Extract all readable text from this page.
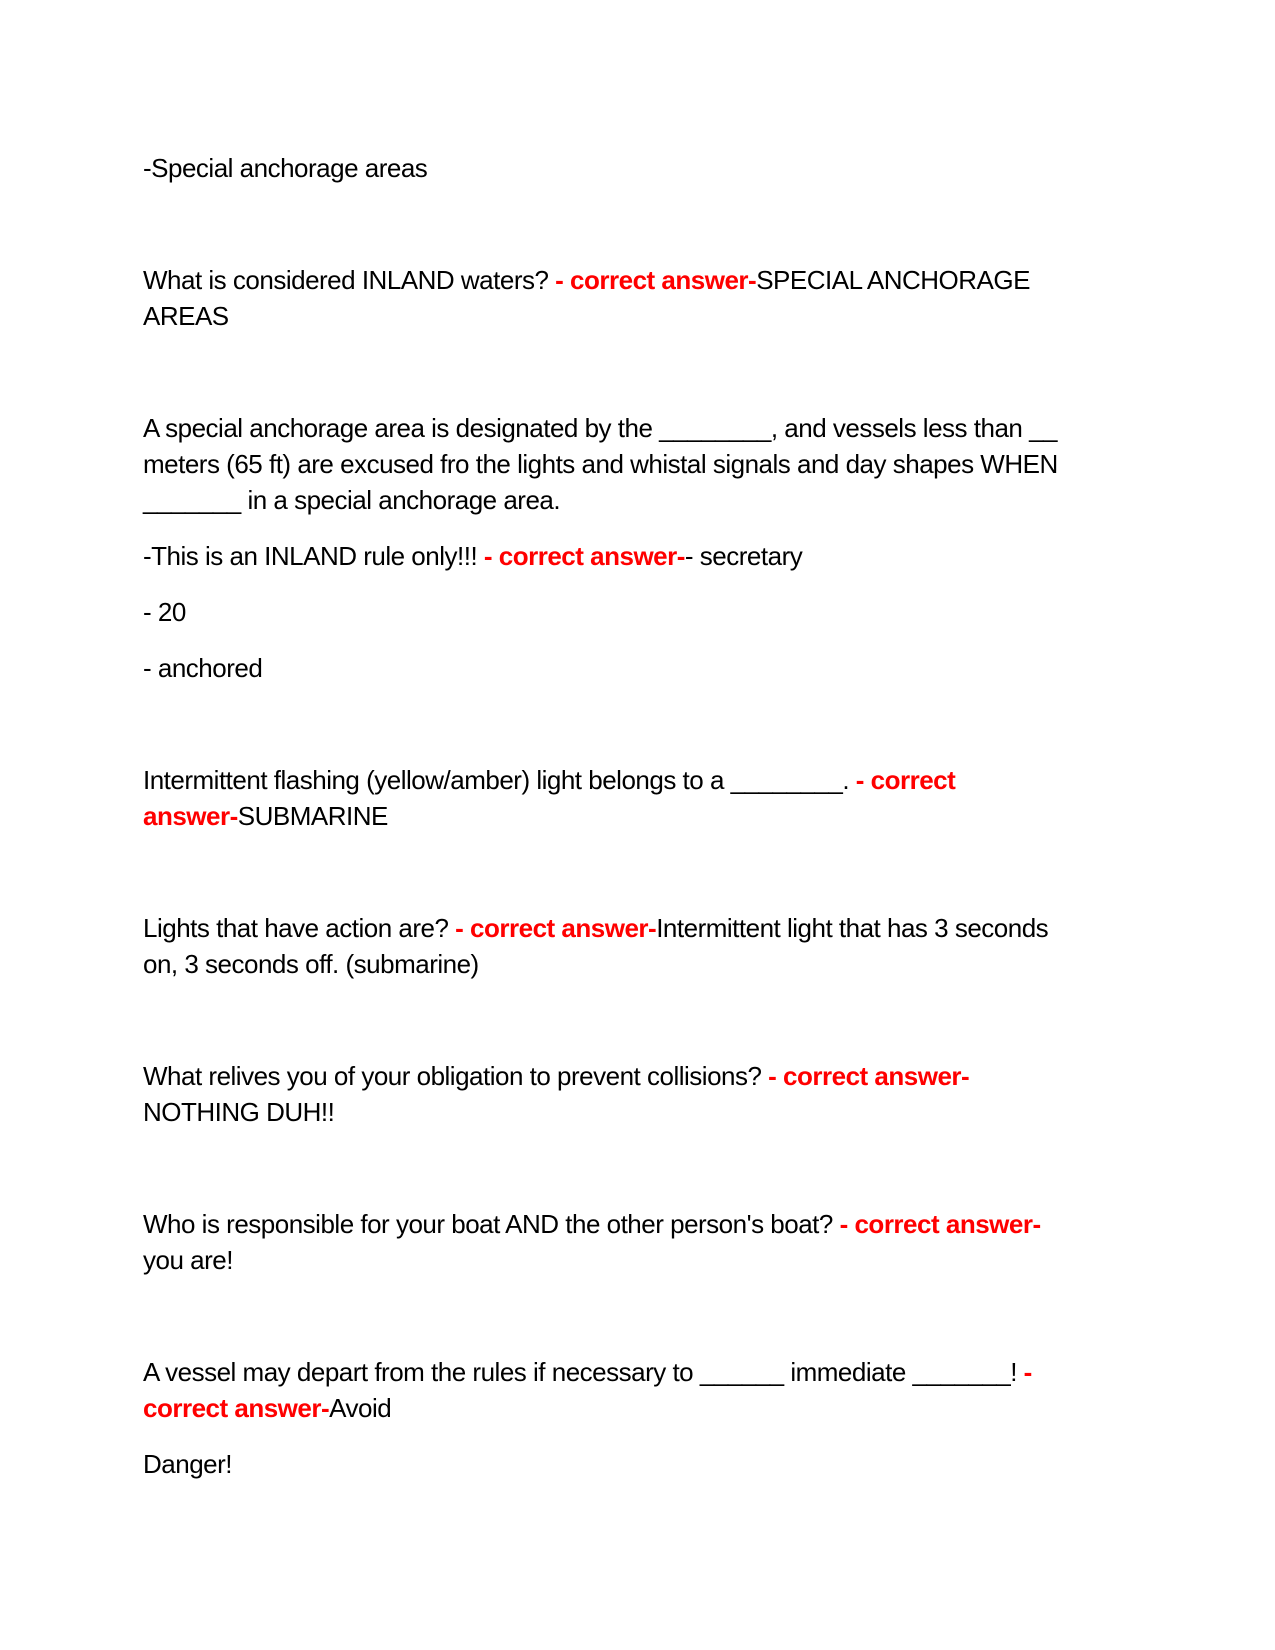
-Special anchorage areas

What is considered INLAND waters? - correct answer-SPECIAL ANCHORAGE
AREAS

A special anchorage area is designated by the ________, and vessels less than __
meters (65 ft) are excused fro the lights and whistal signals and day shapes WHEN
_______ in a special anchorage area.

-This is an INLAND rule only!!! - correct answer-- secretary

- 20

- anchored

Intermittent flashing (yellow/amber) light belongs to a ________. - correct
answer-SUBMARINE

Lights that have action are? - correct answer-Intermittent light that has 3 seconds
on, 3 seconds off. (submarine)

What relives you of your obligation to prevent collisions? - correct answer-
NOTHING DUH!!

Who is responsible for your boat AND the other person's boat? - correct answer-
you are!

A vessel may depart from the rules if necessary to ______ immediate _______! -
correct answer-Avoid

Danger!
